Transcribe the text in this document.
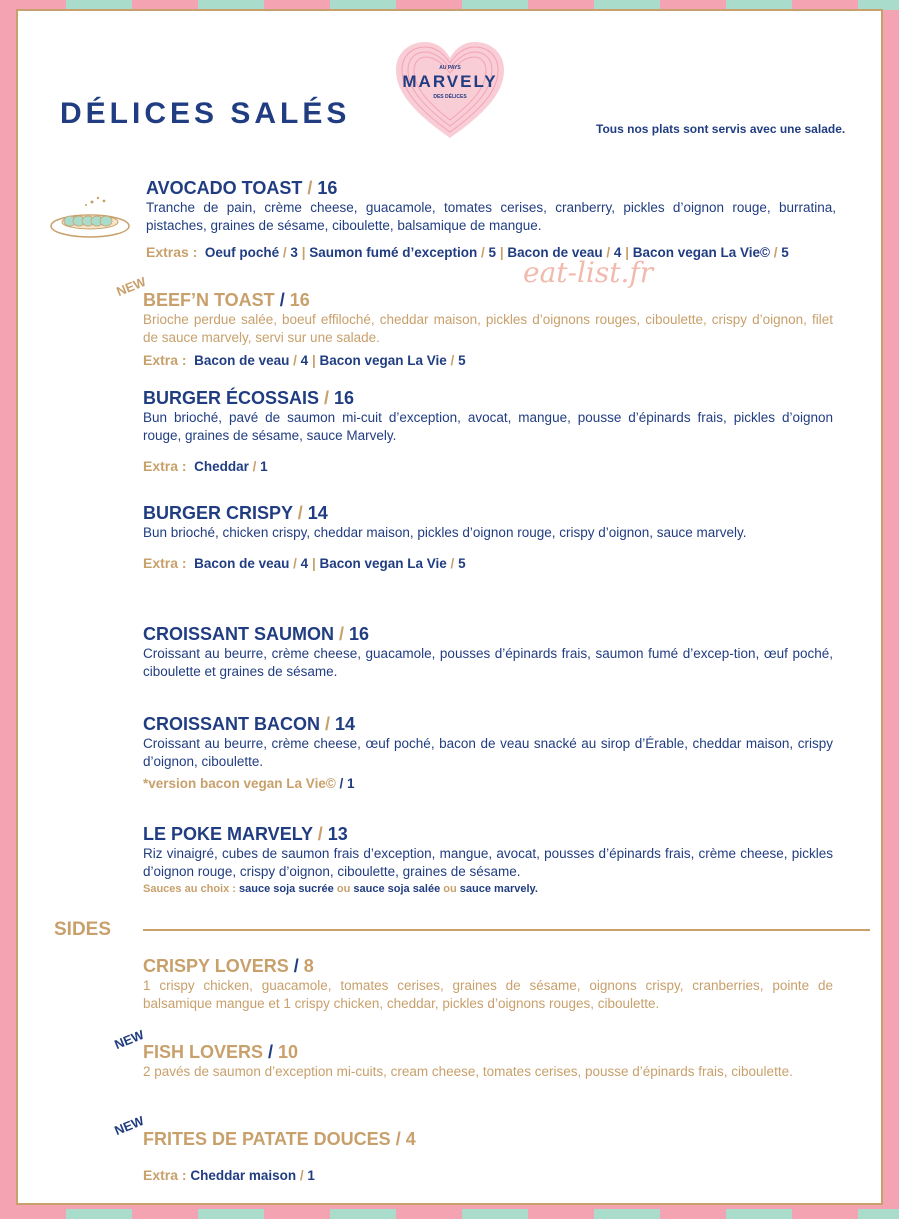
AU PAYS
MARVELY
DES DÉLICES
DÉLICES SALÉS	Tous nos plats sont servis avec une salade.
eat-list.fr

AVOCADO TOAST / 16

Tranche de pain, crème cheese, guacamole, tomates cerises, cranberry, pickles d’oignon rouge, burratina, pistaches, graines de sésame, ciboulette, balsamique de mangue.

Extras : Oeuf poché / 3 | Saumon fumé d’exception / 5 | Bacon de veau / 4 | Bacon vegan La Vie© / 5
NEW

BEEF’N TOAST / 16

Brioche perdue salée, boeuf effiloché, cheddar maison, pickles d’oignons rouges, ciboulette, crispy d’oignon, filet de sauce marvely, servi sur une salade.

Extra : Bacon de veau / 4 | Bacon vegan La Vie / 5

BURGER ÉCOSSAIS / 16

Bun brioché, pavé de saumon mi-cuit d’exception, avocat, mangue, pousse d’épinards frais, pickles d’oignon rouge, graines de sésame, sauce Marvely.

Extra : Cheddar / 1

BURGER CRISPY / 14

Bun brioché, chicken crispy, cheddar maison, pickles d’oignon rouge, crispy d’oignon, sauce marvely.

Extra : Bacon de veau / 4 | Bacon vegan La Vie / 5

CROISSANT SAUMON / 16

Croissant au beurre, crème cheese, guacamole, pousses d’épinards frais, saumon fumé d’excep-tion, œuf poché, ciboulette et graines de sésame.

CROISSANT BACON / 14

Croissant au beurre, crème cheese, œuf poché, bacon de veau snacké au sirop d’Érable, cheddar maison, crispy d’oignon, ciboulette.

*version bacon vegan La Vie© / 1

LE POKE MARVELY / 13

Riz vinaigré, cubes de saumon frais d’exception, mangue, avocat, pousses d’épinards frais, crème cheese, pickles d’oignon rouge, crispy d’oignon, ciboulette, graines de sésame.

Sauces au choix : sauce soja sucrée ou sauce soja salée ou sauce marvely.
SIDES

CRISPY LOVERS / 8

1 crispy chicken, guacamole, tomates cerises, graines de sésame, oignons crispy, cranberries, pointe de balsamique mangue et 1 crispy chicken, cheddar, pickles d’oignons rouges, ciboulette.

NEW

FISH LOVERS / 10

2 pavés de saumon d’exception mi-cuits, cream cheese, tomates cerises, pousse d’épinards frais, ciboulette.

NEW

FRITES DE PATATE DOUCES / 4

Extra : Cheddar maison / 1
